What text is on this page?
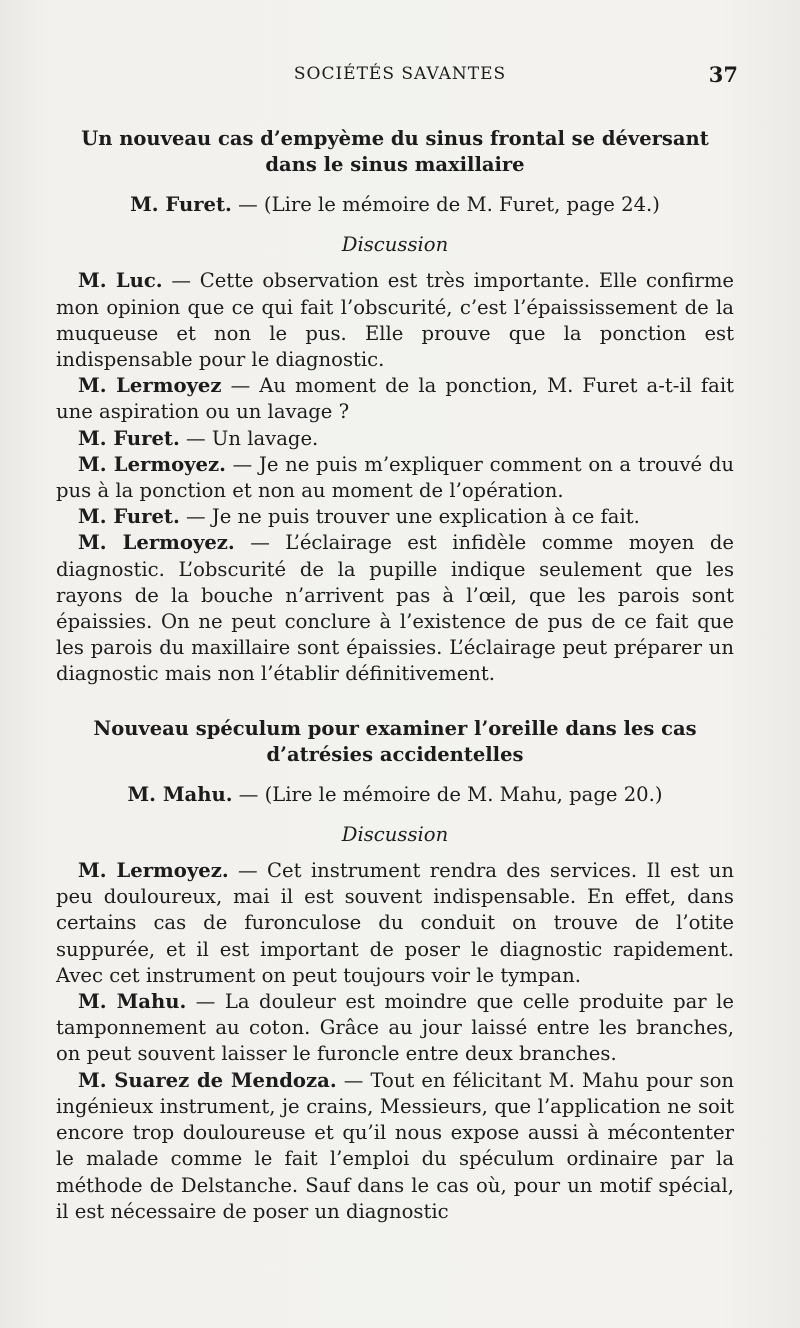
SOCIÉTÉS SAVANTES	37
Un nouveau cas d’empyème du sinus frontal se déversant
dans le sinus maxillaire
M. Furet. — (Lire le mémoire de M. Furet, page 24.)
Discussion

M. Luc. — Cette observation est très importante. Elle confirme mon opinion que ce qui fait l’obscurité, c’est l’épaississement de la muqueuse et non le pus. Elle prouve que la ponction est indispensable pour le diagnostic.

M. Lermoyez — Au moment de la ponction, M. Furet a-t-il fait une aspiration ou un lavage ?

M. Furet. — Un lavage.

M. Lermoyez. — Je ne puis m’expliquer comment on a trouvé du pus à la ponction et non au moment de l’opération.

M. Furet. — Je ne puis trouver une explication à ce fait.

M. Lermoyez. — L’éclairage est infidèle comme moyen de diagnostic. L’obscurité de la pupille indique seulement que les rayons de la bouche n’arrivent pas à l’œil, que les parois sont épaissies. On ne peut conclure à l’existence de pus de ce fait que les parois du maxillaire sont épaissies. L’éclairage peut préparer un diagnostic mais non l’établir définitivement.

Nouveau spéculum pour examiner l’oreille dans les cas
d’atrésies accidentelles
M. Mahu. — (Lire le mémoire de M. Mahu, page 20.)
Discussion

M. Lermoyez. — Cet instrument rendra des services. Il est un peu douloureux, mai il est souvent indispensable. En effet, dans certains cas de furonculose du conduit on trouve de l’otite suppurée, et il est important de poser le diagnostic rapidement. Avec cet instrument on peut toujours voir le tympan.

M. Mahu. — La douleur est moindre que celle produite par le tamponnement au coton. Grâce au jour laissé entre les branches, on peut souvent laisser le furoncle entre deux branches.

M. Suarez de Mendoza. — Tout en félicitant M. Mahu pour son ingénieux instrument, je crains, Messieurs, que l’application ne soit encore trop douloureuse et qu’il nous expose aussi à mécontenter le malade comme le fait l’emploi du spéculum ordinaire par la méthode de Delstanche. Sauf dans le cas où, pour un motif spécial, il est nécessaire de poser un diagnostic
